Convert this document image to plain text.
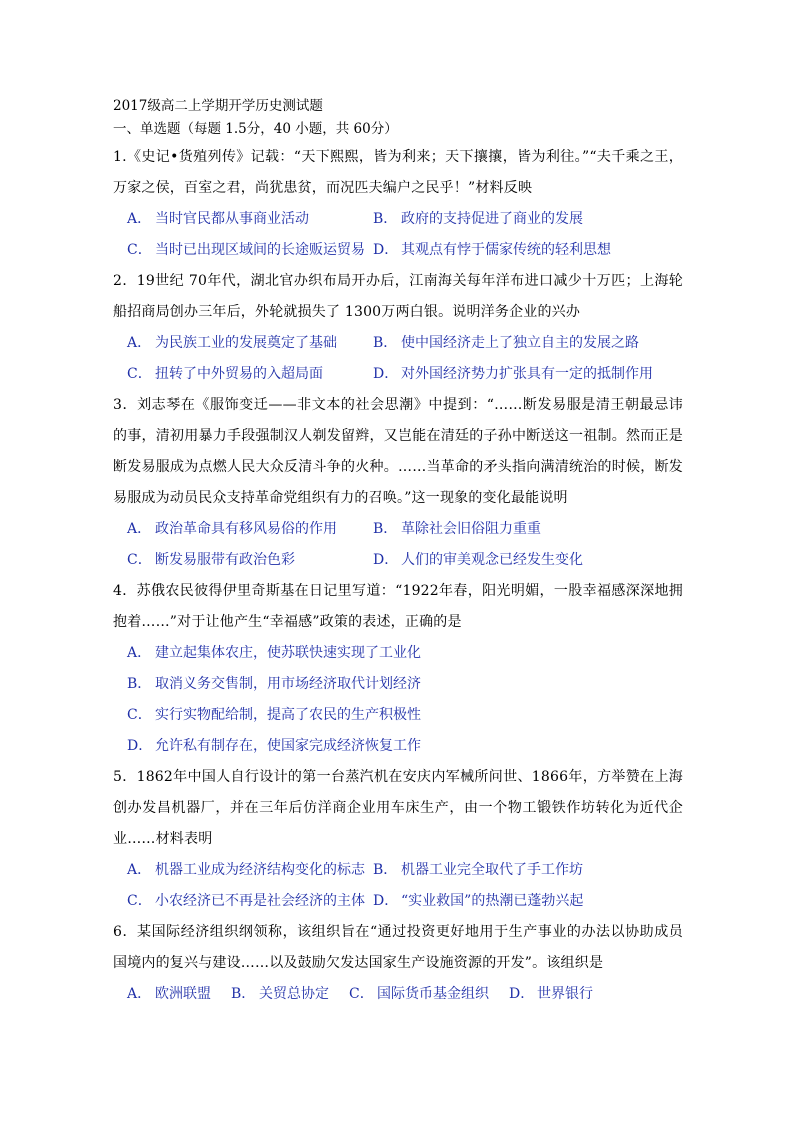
2017级高二上学期开学历史测试题

一、单选题（每题 1.5分，40 小题，共 60分）

1.《史记•货殖列传》记载：“天下熙熙，皆为利来；天下攘攘，皆为利往。”“夫千乘之王，万家之侯，百室之君，尚犹患贫，而况匹夫编户之民乎！”材料反映

A． 当时官民都从事商业活动	B． 政府的支持促进了商业的发展
C． 当时已出现区域间的长途贩运贸易 D． 其观点有悖于儒家传统的轻利思想

2．19世纪 70年代，湖北官办织布局开办后，江南海关每年洋布进口减少十万匹；上海轮船招商局创办三年后，外轮就损失了 1300万两白银。说明洋务企业的兴办

A． 为民族工业的发展奠定了基础	B． 使中国经济走上了独立自主的发展之路
C． 扭转了中外贸易的入超局面	D． 对外国经济势力扩张具有一定的抵制作用

3．刘志琴在《服饰变迁——非文本的社会思潮》中提到：“……断发易服是清王朝最忌讳的事，清初用暴力手段强制汉人剃发留辫，又岂能在清廷的子孙中断送这一祖制。然而正是断发易服成为点燃人民大众反清斗争的火种。……当革命的矛头指向满清统治的时候，断发易服成为动员民众支持革命党组织有力的召唤。”这一现象的变化最能说明

A． 政治革命具有移风易俗的作用	B． 革除社会旧俗阻力重重
C． 断发易服带有政治色彩	D． 人们的审美观念已经发生变化

4．苏俄农民彼得伊里奇斯基在日记里写道：“1922年春，阳光明媚，一股幸福感深深地拥抱着……”对于让他产生“幸福感”政策的表述，正确的是

A． 建立起集体农庄，使苏联快速实现了工业化
B． 取消义务交售制，用市场经济取代计划经济
C． 实行实物配给制，提高了农民的生产积极性
D． 允许私有制存在，使国家完成经济恢复工作

5．1862年中国人自行设计的第一台蒸汽机在安庆内军械所问世、1866年，方举赞在上海创办发昌机器厂，并在三年后仿洋商企业用车床生产，由一个物工锻铁作坊转化为近代企业……材料表明

A． 机器工业成为经济结构变化的标志 B． 机器工业完全取代了手工作坊
C． 小农经济已不再是社会经济的主体 D． “实业救国”的热潮已蓬勃兴起

6．某国际经济组织纲领称，该组织旨在“通过投资更好地用于生产事业的办法以协助成员国境内的复兴与建设……以及鼓励欠发达国家生产设施资源的开发”。该组织是

A． 欧洲联盟 B． 关贸总协定 C． 国际货币基金组织 D． 世界银行
